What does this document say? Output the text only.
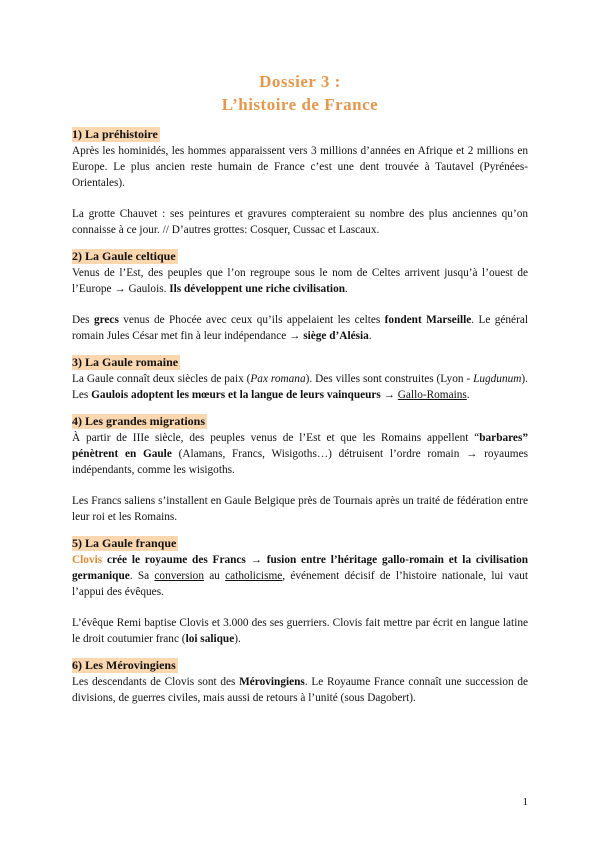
Dossier 3 :
L’histoire de France
1) La préhistoire

Après les hominidés, les hommes apparaissent vers 3 millions d’années en Afrique et 2 millions en Europe. Le plus ancien reste humain de France c’est une dent trouvée à Tautavel (Pyrénées-Orientales).

La grotte Chauvet : ses peintures et gravures compteraient su nombre des plus anciennes qu’on connaisse à ce jour. // D’autres grottes: Cosquer, Cussac et Lascaux.

2) La Gaule celtique

Venus de l’Est, des peuples que l’on regroupe sous le nom de Celtes arrivent jusqu’à l’ouest de l’Europe → Gaulois. Ils développent une riche civilisation.

Des grecs venus de Phocée avec ceux qu’ils appelaient les celtes fondent Marseille. Le général romain Jules César met fin à leur indépendance → siège d’Alésia.

3) La Gaule romaine

La Gaule connaît deux siècles de paix (Pax romana). Des villes sont construites (Lyon - Lugdunum). Les Gaulois adoptent les mœurs et la langue de leurs vainqueurs → Gallo-Romains.

4) Les grandes migrations

À partir de IIIe siècle, des peuples venus de l’Est et que les Romains appellent “barbares” pénètrent en Gaule (Alamans, Francs, Wisigoths…) détruisent l’ordre romain → royaumes indépendants, comme les wisigoths.

Les Francs saliens s’installent en Gaule Belgique près de Tournais après un traité de fédération entre leur roi et les Romains.

5) La Gaule franque

Clovis crée le royaume des Francs → fusion entre l’héritage gallo-romain et la civilisation germanique. Sa conversion au catholicisme, événement décisif de l’histoire nationale, lui vaut l’appui des évêques.

L’évêque Remi baptise Clovis et 3.000 des ses guerriers. Clovis fait mettre par écrit en langue latine le droit coutumier franc (loi salique).

6) Les Mérovingiens

Les descendants de Clovis sont des Mérovingiens. Le Royaume France connaît une succession de divisions, de guerres civiles, mais aussi de retours à l’unité (sous Dagobert).

1
